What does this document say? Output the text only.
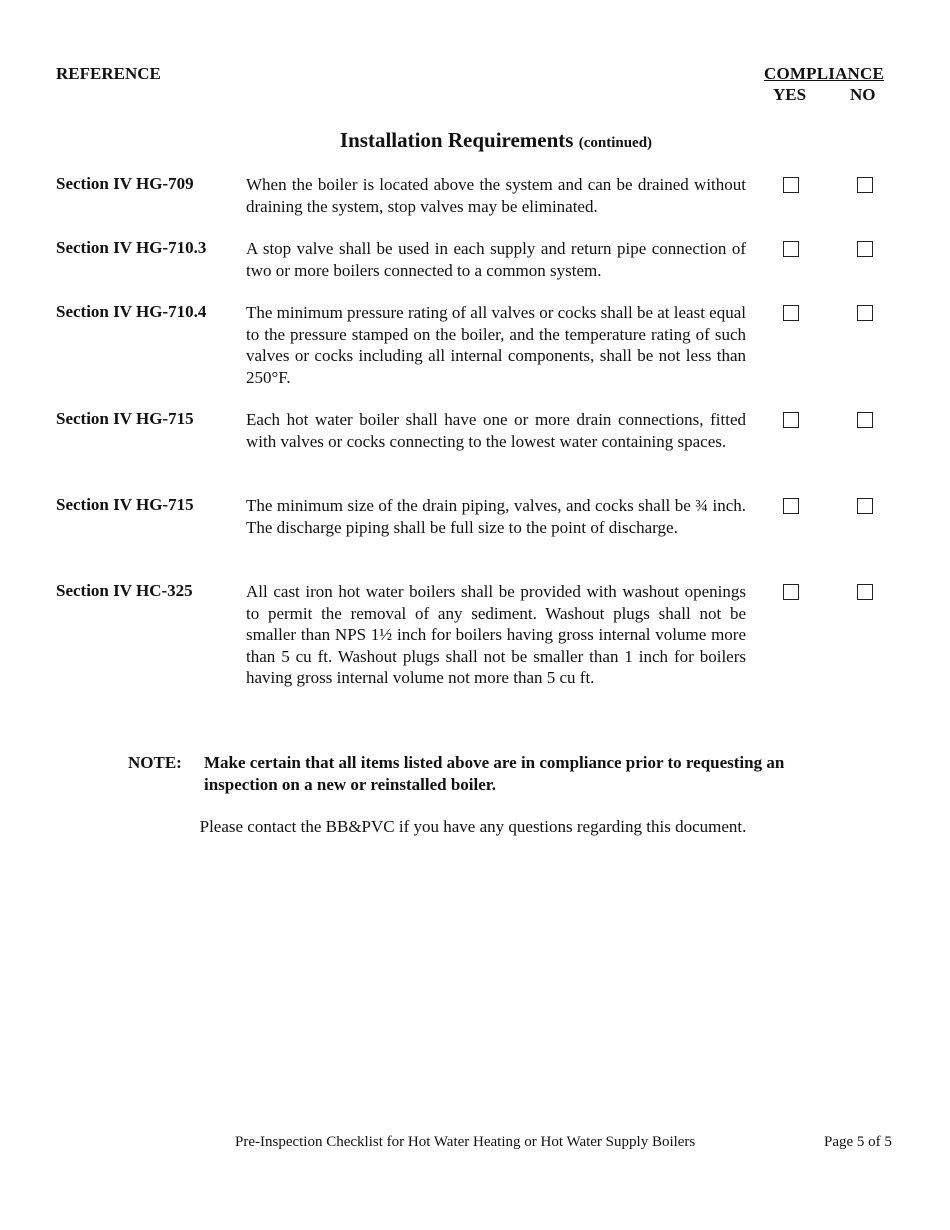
REFERENCE	COMPLIANCE
YES	NO
Installation Requirements (continued)
Section IV HG-709	When the boiler is located above the system and can be drained without draining the system, stop valves may be eliminated.
Section IV HG-710.3 A stop valve shall be used in each supply and return pipe connection of two or more boilers connected to a common system.
Section IV HG-710.4 The minimum pressure rating of all valves or cocks shall be at least equal to the pressure stamped on the boiler, and the temperature rating of such valves or cocks including all internal components, shall be not less than 250°F.
Section IV HG-715	Each hot water boiler shall have one or more drain connections, fitted with valves or cocks connecting to the lowest water containing spaces.
Section IV HG-715	The minimum size of the drain piping, valves, and cocks shall be ¾ inch. The discharge piping shall be full size to the point of discharge.
Section IV HC-325	All cast iron hot water boilers shall be provided with washout openings to permit the removal of any sediment. Washout plugs shall not be smaller than NPS 1½ inch for boilers having gross internal volume more than 5 cu ft. Washout plugs shall not be smaller than 1 inch for boilers having gross internal volume not more than 5 cu ft.
NOTE: Make certain that all items listed above are in compliance prior to requesting an inspection on a new or reinstalled boiler.
Please contact the BB&PVC if you have any questions regarding this document.
Pre-Inspection Checklist for Hot Water Heating or Hot Water Supply Boilers	Page 5 of 5
